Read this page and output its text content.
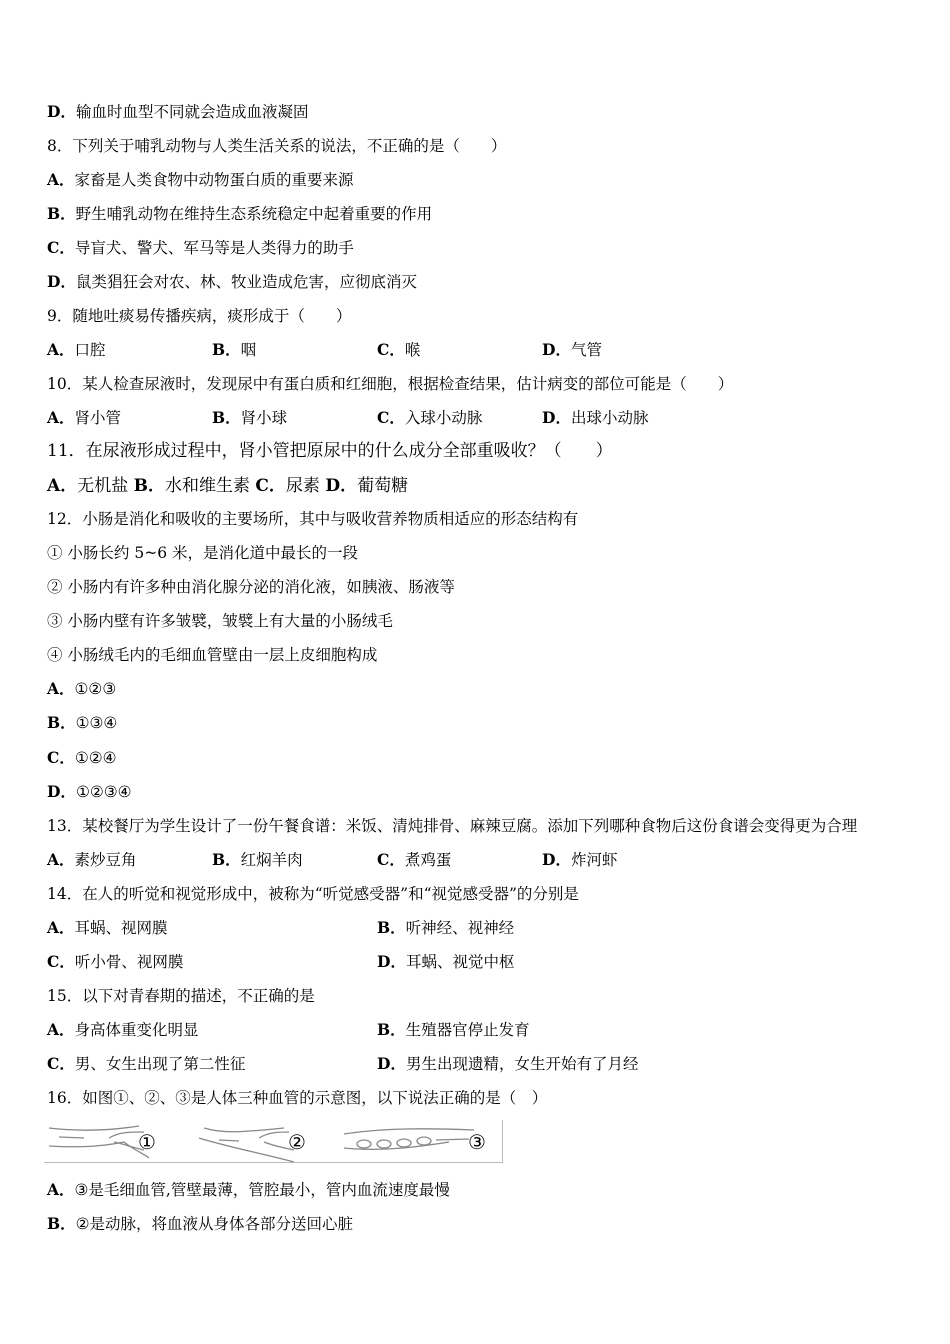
D．输血时血型不同就会造成血液凝固
8．下列关于哺乳动物与人类生活关系的说法，不正确的是（　　）
A．家畜是人类食物中动物蛋白质的重要来源
B．野生哺乳动物在维持生态系统稳定中起着重要的作用
C．导盲犬、警犬、军马等是人类得力的助手
D．鼠类猖狂会对农、林、牧业造成危害，应彻底消灭
9．随地吐痰易传播疾病，痰形成于（　　）
A．口腔	B．咽	C．喉	D．气管
10．某人检查尿液时，发现尿中有蛋白质和红细胞，根据检查结果，估计病变的部位可能是（　　）
A．肾小管	B．肾小球	C．入球小动脉	D．出球小动脉
11．在尿液形成过程中，肾小管把原尿中的什么成分全部重吸收？（　　）
A．无机盐 B．水和维生素 C．尿素 D．葡萄糖
12．小肠是消化和吸收的主要场所，其中与吸收营养物质相适应的形态结构有
① 小肠长约 5~6 米，是消化道中最长的一段
② 小肠内有许多种由消化腺分泌的消化液，如胰液、肠液等
③ 小肠内壁有许多皱襞，皱襞上有大量的小肠绒毛
④ 小肠绒毛内的毛细血管壁由一层上皮细胞构成
A．①②③
B．①③④
C．①②④
D．①②③④
13．某校餐厅为学生设计了一份午餐食谱：米饭、清炖排骨、麻辣豆腐。添加下列哪种食物后这份食谱会变得更为合理
A．素炒豆角	B．红焖羊肉	C．煮鸡蛋	D．炸河虾
14．在人的听觉和视觉形成中，被称为“听觉感受器”和“视觉感受器”的分别是
A．耳蜗、视网膜	B．听神经、视神经
C．听小骨、视网膜	D．耳蜗、视觉中枢
15．以下对青春期的描述，不正确的是
A．身高体重变化明显	B．生殖器官停止发育
C．男、女生出现了第二性征	D．男生出现遗精，女生开始有了月经
16．如图①、②、③是人体三种血管的示意图，以下说法正确的是（　）
①	②	③
A．③是毛细血管,管壁最薄，管腔最小，管内血流速度最慢
B．②是动脉，将血液从身体各部分送回心脏
